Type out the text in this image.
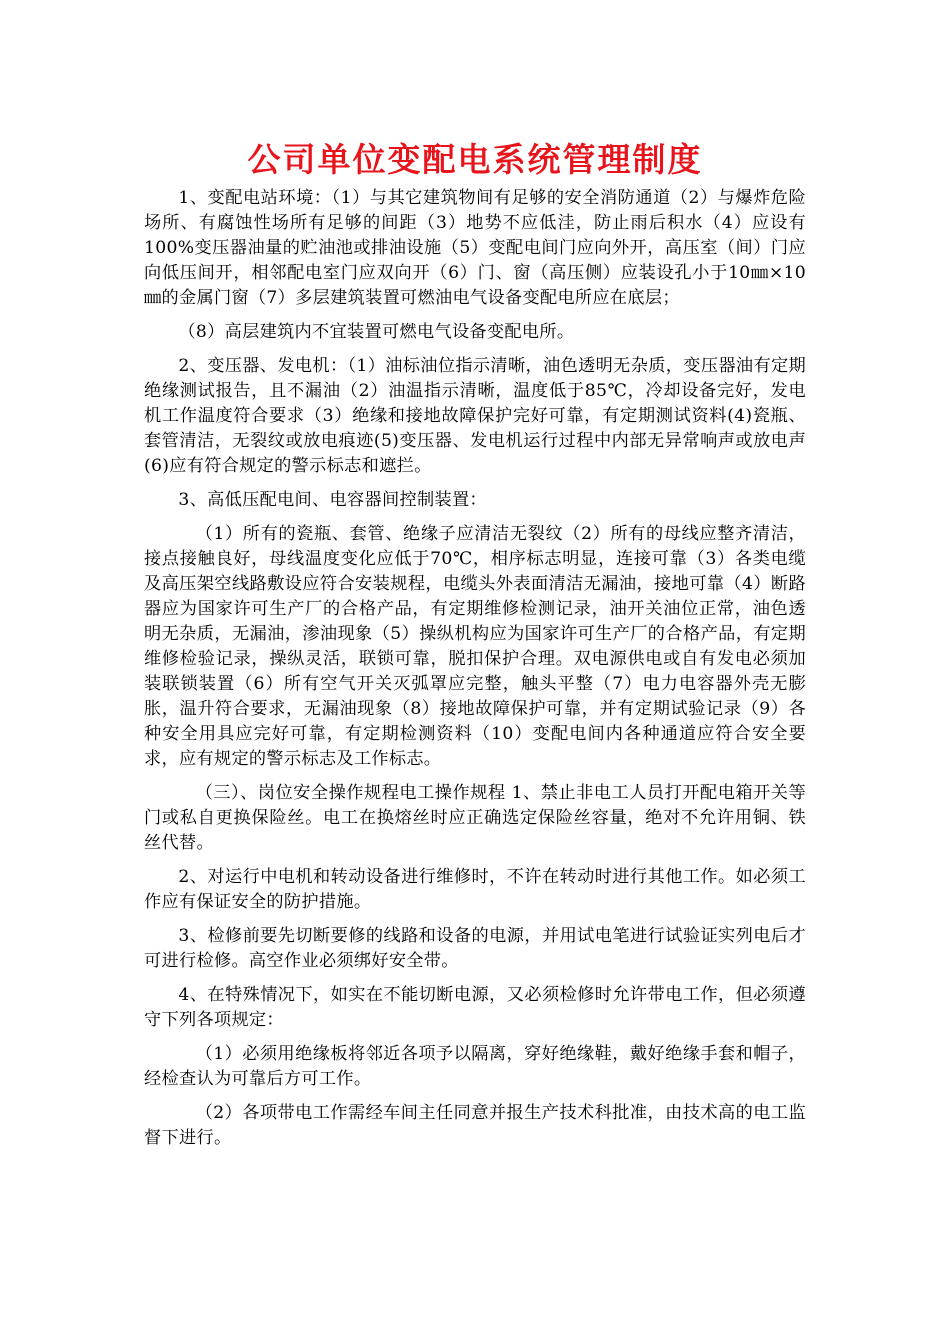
公司单位变配电系统管理制度

1、变配电站环境：（1）与其它建筑物间有足够的安全消防通道（2）与爆炸危险场所、有腐蚀性场所有足够的间距（3）地势不应低洼，防止雨后积水（4）应设有100%变压器油量的贮油池或排油设施（5）变配电间门应向外开，高压室（间）门应向低压间开，相邻配电室门应双向开（6）门、窗（高压侧）应装设孔小于10㎜×10㎜的金属门窗（7）多层建筑装置可燃油电气设备变配电所应在底层；

（8）高层建筑内不宜装置可燃电气设备变配电所。

2、变压器、发电机：（1）油标油位指示清晰，油色透明无杂质，变压器油有定期绝缘测试报告，且不漏油（2）油温指示清晰，温度低于85℃，冷却设备完好，发电机工作温度符合要求（3）绝缘和接地故障保护完好可靠，有定期测试资料(4)瓷瓶、套管清洁，无裂纹或放电痕迹(5)变压器、发电机运行过程中内部无异常响声或放电声(6)应有符合规定的警示标志和遮拦。

3、高低压配电间、电容器间控制装置：

（1）所有的瓷瓶、套管、绝缘子应清洁无裂纹（2）所有的母线应整齐清洁，接点接触良好，母线温度变化应低于70℃，相序标志明显，连接可靠（3）各类电缆及高压架空线路敷设应符合安装规程，电缆头外表面清洁无漏油，接地可靠（4）断路器应为国家许可生产厂的合格产品，有定期维修检测记录，油开关油位正常，油色透明无杂质，无漏油，渗油现象（5）操纵机构应为国家许可生产厂的合格产品，有定期维修检验记录，操纵灵活，联锁可靠，脱扣保护合理。双电源供电或自有发电必须加装联锁装置（6）所有空气开关灭弧罩应完整，触头平整（7）电力电容器外壳无膨胀，温升符合要求，无漏油现象（8）接地故障保护可靠，并有定期试验记录（9）各种安全用具应完好可靠，有定期检测资料（10）变配电间内各种通道应符合安全要求，应有规定的警示标志及工作标志。

（三）、岗位安全操作规程电工操作规程 1、禁止非电工人员打开配电箱开关等门或私自更换保险丝。电工在换熔丝时应正确选定保险丝容量，绝对不允许用铜、铁丝代替。

2、对运行中电机和转动设备进行维修时，不许在转动时进行其他工作。如必须工作应有保证安全的防护措施。

3、检修前要先切断要修的线路和设备的电源，并用试电笔进行试验证实列电后才可进行检修。高空作业必须绑好安全带。

4、在特殊情况下，如实在不能切断电源，又必须检修时允许带电工作，但必须遵守下列各项规定：

（1）必须用绝缘板将邻近各项予以隔离，穿好绝缘鞋，戴好绝缘手套和帽子，经检查认为可靠后方可工作。

（2）各项带电工作需经车间主任同意并报生产技术科批准，由技术高的电工监督下进行。
